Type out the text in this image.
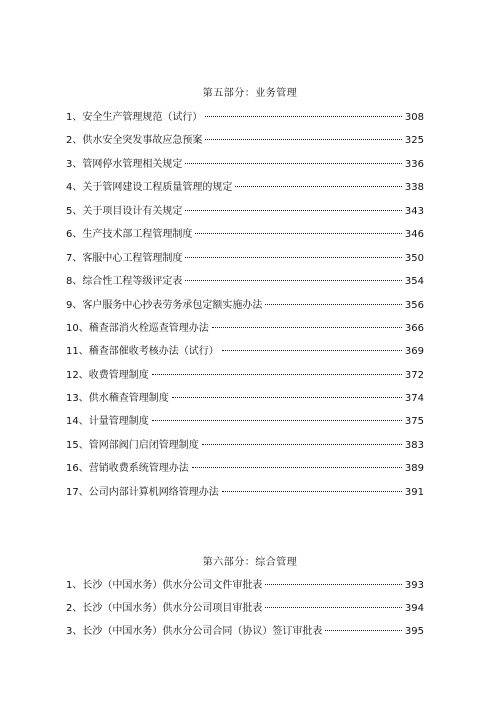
第五部分：业务管理
1、安全生产管理规范（试行）	308
2、供水安全突发事故应急预案	325
3、管网停水管理相关规定	336
4、关于管网建设工程质量管理的规定	338
5、关于项目设计有关规定	343
6、生产技术部工程管理制度	346
7、客服中心工程管理制度	350
8、综合性工程等级评定表	354
9、客户服务中心抄表劳务承包定额实施办法	356
10、稽查部消火栓巡查管理办法	366
11、稽查部催收考核办法（试行）	369
12、收费管理制度	372
13、供水稽查管理制度	374
14、计量管理制度	375
15、管网部阀门启闭管理制度	383
16、营销收费系统管理办法	389
17、公司内部计算机网络管理办法	391
第六部分：综合管理
1、长沙（中国水务）供水分公司文件审批表	393
2、长沙（中国水务）供水分公司项目审批表	394
3、长沙（中国水务）供水分公司合同（协议）签订审批表	395
